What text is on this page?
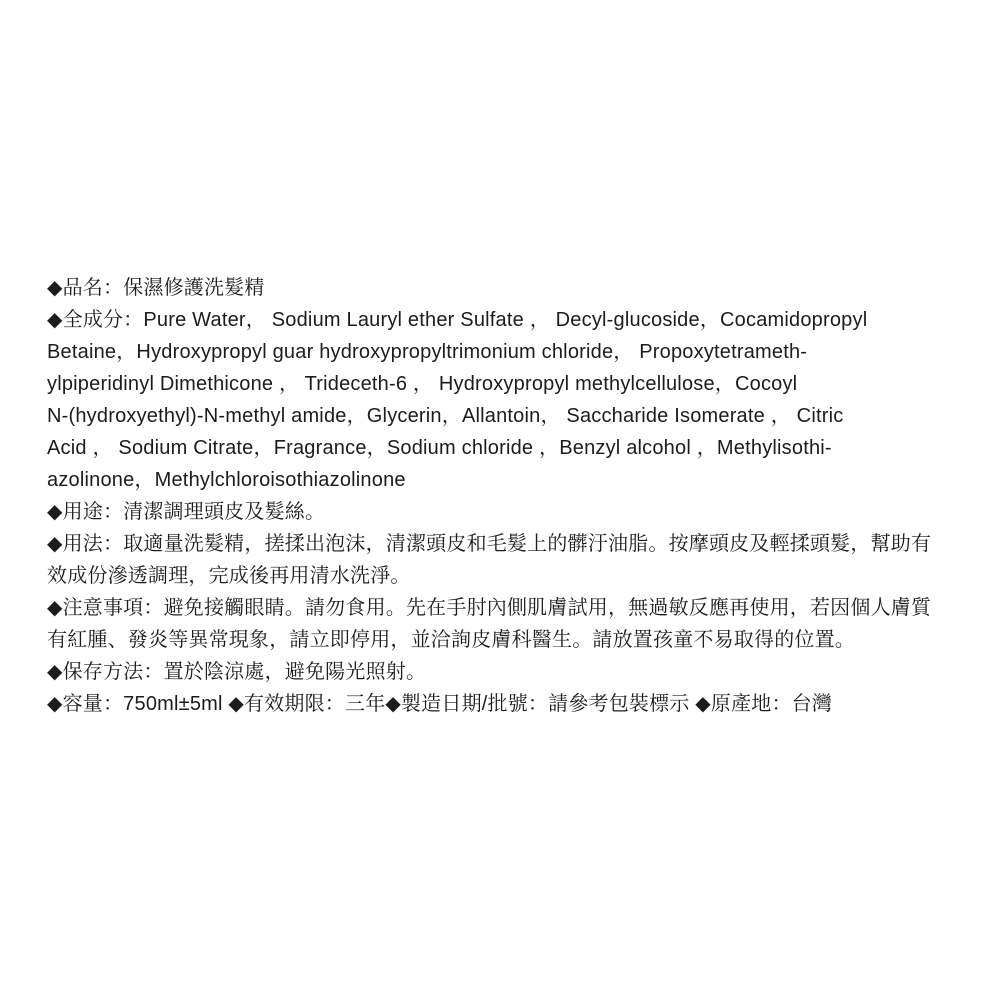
◆品名：保濕修護洗髮精
◆全成分：Pure Water， Sodium Lauryl ether Sulfate ， Decyl-glucoside，Cocamidopropyl
Betaine，Hydroxypropyl guar hydroxypropyltrimonium chloride， Propoxytetrameth-
ylpiperidinyl Dimethicone ， Trideceth-6 ， Hydroxypropyl methylcellulose，Cocoyl
N-(hydroxyethyl)-N-methyl amide，Glycerin，Allantoin， Saccharide Isomerate ， Citric
Acid ， Sodium Citrate，Fragrance，Sodium chloride ，Benzyl alcohol ，Methylisothi-
azolinone，Methylchloroisothiazolinone
◆用途：清潔調理頭皮及髮絲。
◆用法：取適量洗髮精，搓揉出泡沫，清潔頭皮和毛髮上的髒汙油脂。按摩頭皮及輕揉頭髮，幫助有
效成份滲透調理，完成後再用清水洗淨。
◆注意事項：避免接觸眼睛。請勿食用。先在手肘內側肌膚試用，無過敏反應再使用，若因個人膚質
有紅腫、發炎等異常現象，請立即停用，並洽詢皮膚科醫生。請放置孩童不易取得的位置。
◆保存方法：置於陰涼處，避免陽光照射。
◆容量：750ml±5ml ◆有效期限：三年◆製造日期/批號：請參考包裝標示 ◆原產地：台灣
